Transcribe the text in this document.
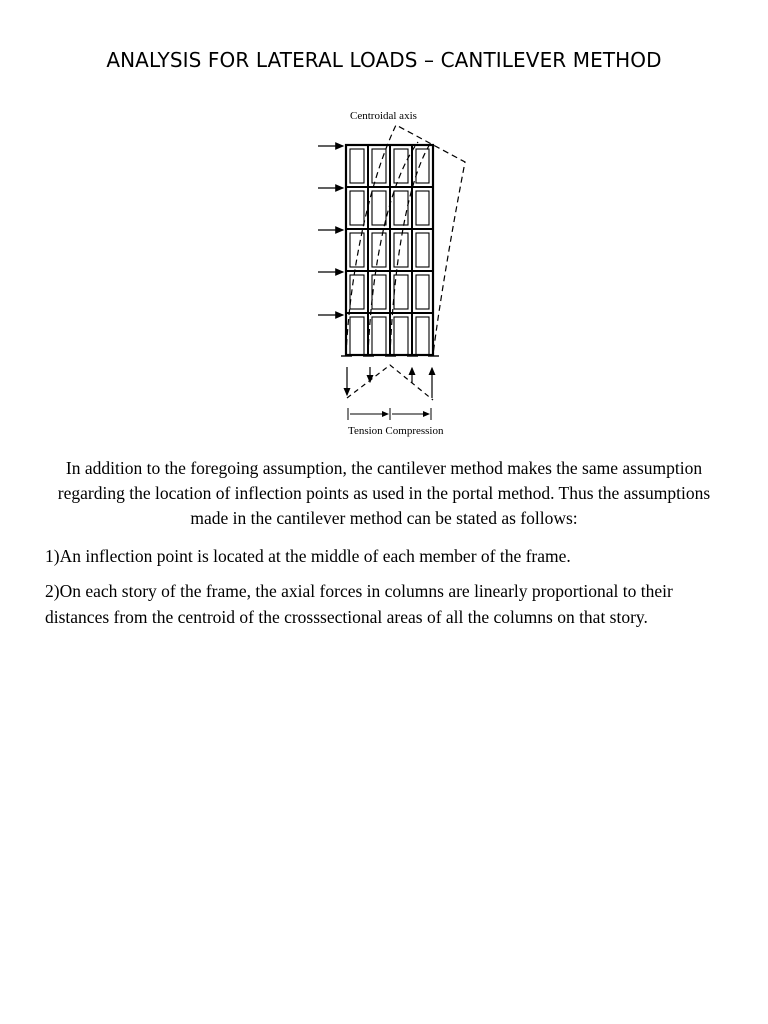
ANALYSIS FOR LATERAL LOADS – CANTILEVER METHOD
Centroidal axis
Tension Compression
In addition to the foregoing assumption, the cantilever method makes the same assumption regarding the location of inflection points as used in the portal method. Thus the assumptions made in the cantilever method can be stated as follows:
1)An inflection point is located at the middle of each member of the frame.
2)On each story of the frame, the axial forces in columns are linearly proportional to their distances from the centroid of the crosssectional areas of all the columns on that story.
